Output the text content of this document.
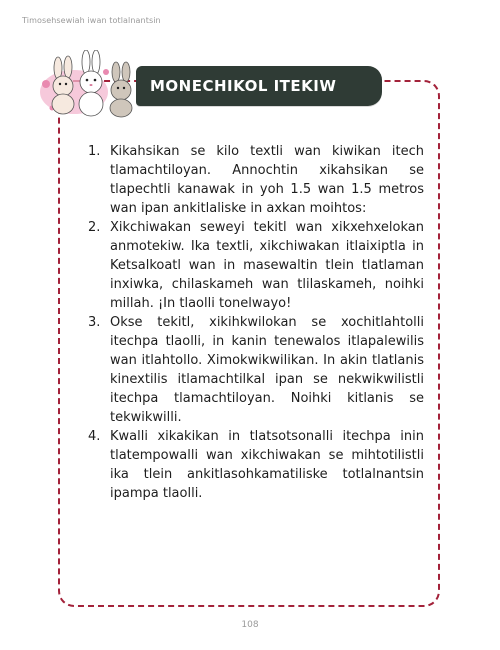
Timosehsewiah iwan totlalnantsin
MONECHIKOL ITEKIW
1. Kikahsikan se kilo textli wan kiwikan itech tlamachtiloyan. Annochtin xikahsikan se tlapechtli kanawak in yoh 1.5 wan 1.5 metros wan ipan ankitlaliske in axkan moihtos:
2. Xikchiwakan seweyi tekitl wan xikxehxelokan anmotekiw. Ika textli, xikchiwakan itlaixiptla in Ketsalkoatl wan in masewaltin tlein tlatlaman inxiwka, chilaskameh wan tlilaskameh, noihki millah. ¡In tlaolli tonelwayo!
3. Okse tekitl, xikihkwilokan se xochitlahtolli itechpa tlaolli, in kanin tenewalos itlapalewilis wan itlahtollo. Ximokwikwilikan. In akin tlatlanis kinextilis itlamachtilkal ipan se nekwikwilistli itechpa tlamachtiloyan. Noihki kitlanis se tekwikwilli.
4. Kwalli xikakikan in tlatsotsonalli itechpa inin tlatempowalli wan xikchiwakan se mihtotilistli ika tlein ankitlasohkamatiliske totlalnantsin ipampa tlaolli.
108
